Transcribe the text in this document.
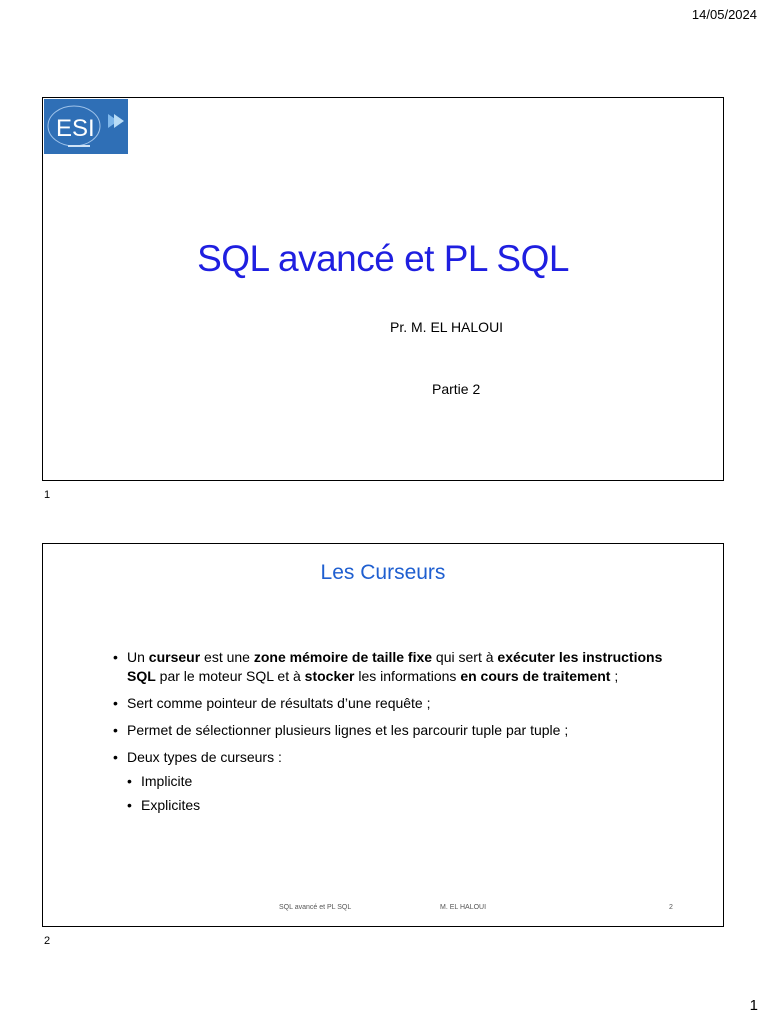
14/05/2024
ESI
SQL avancé et PL SQL
Pr. M. EL HALOUI
Partie 2
1
Les Curseurs
• Un curseur est une zone mémoire de taille fixe qui sert à exécuter les instructions SQL par le moteur SQL et à stocker les informations en cours de traitement ;
• Sert comme pointeur de résultats d’une requête ;
• Permet de sélectionner plusieurs lignes et les parcourir tuple par tuple ;
• Deux types de curseurs :
• Implicite
• Explicites
SQL avancé et PL SQL	M. EL HALOUI	2
2
1
